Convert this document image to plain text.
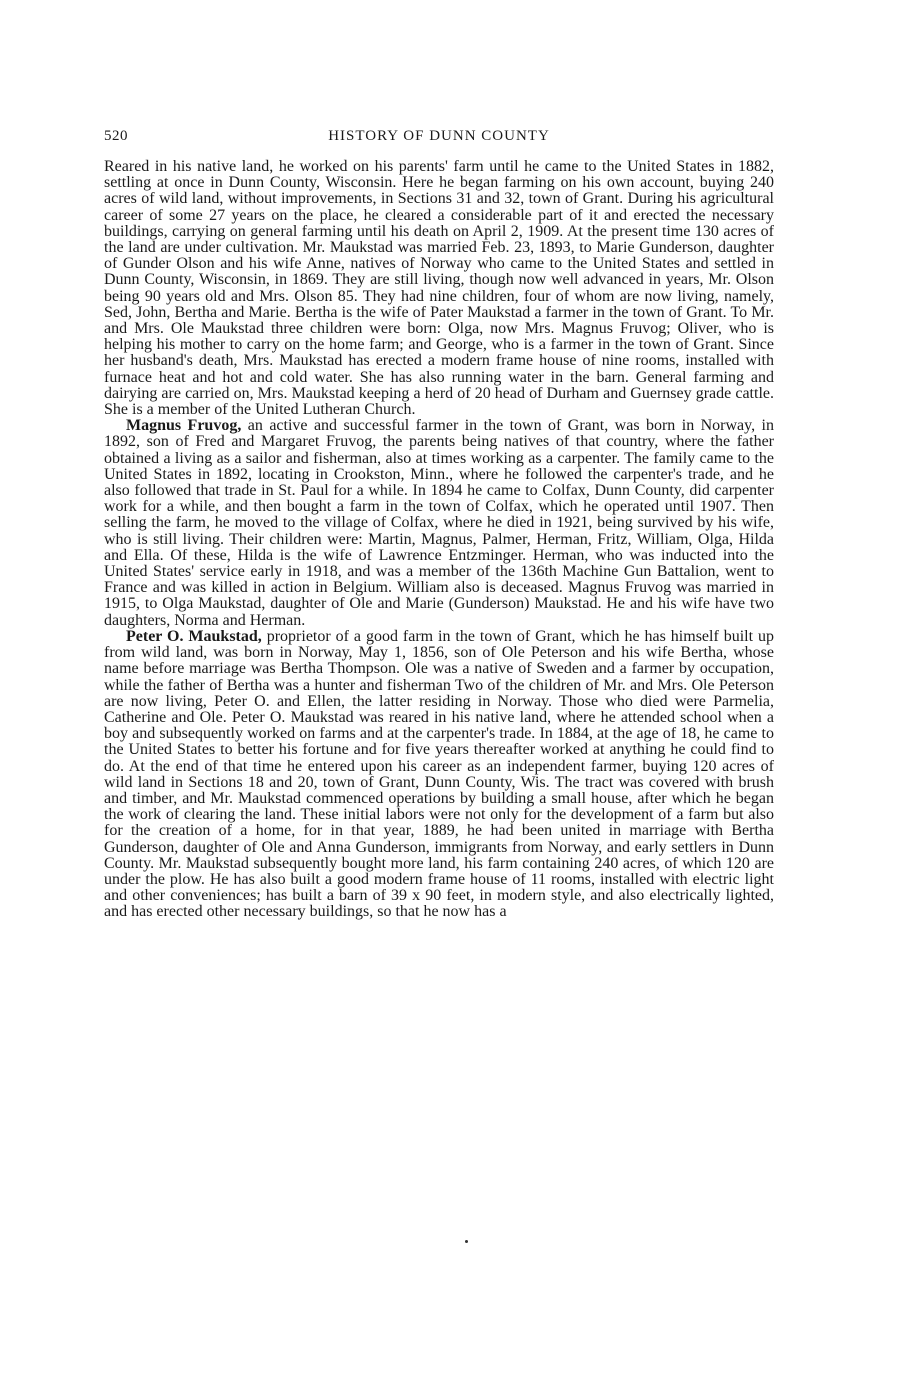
520	HISTORY OF DUNN COUNTY

Reared in his native land, he worked on his parents' farm until he came to the United States in 1882, settling at once in Dunn County, Wisconsin. Here he began farming on his own account, buying 240 acres of wild land, without improvements, in Sections 31 and 32, town of Grant. During his agricultural career of some 27 years on the place, he cleared a considerable part of it and erected the necessary buildings, carrying on general farming until his death on April 2, 1909. At the present time 130 acres of the land are under cultivation. Mr. Maukstad was married Feb. 23, 1893, to Marie Gunderson, daughter of Gunder Olson and his wife Anne, natives of Norway who came to the United States and settled in Dunn County, Wisconsin, in 1869. They are still living, though now well advanced in years, Mr. Olson being 90 years old and Mrs. Olson 85. They had nine children, four of whom are now living, namely, Sed, John, Bertha and Marie. Bertha is the wife of Pater Maukstad a farmer in the town of Grant. To Mr. and Mrs. Ole Maukstad three children were born: Olga, now Mrs. Magnus Fruvog; Oliver, who is helping his mother to carry on the home farm; and George, who is a farmer in the town of Grant. Since her husband's death, Mrs. Maukstad has erected a modern frame house of nine rooms, installed with furnace heat and hot and cold water. She has also running water in the barn. General farming and dairying are carried on, Mrs. Maukstad keeping a herd of 20 head of Durham and Guernsey grade cattle. She is a member of the United Lutheran Church.

Magnus Fruvog, an active and successful farmer in the town of Grant, was born in Norway, in 1892, son of Fred and Margaret Fruvog, the parents being natives of that country, where the father obtained a living as a sailor and fisherman, also at times working as a carpenter. The family came to the United States in 1892, locating in Crookston, Minn., where he followed the carpenter's trade, and he also followed that trade in St. Paul for a while. In 1894 he came to Colfax, Dunn County, did carpenter work for a while, and then bought a farm in the town of Colfax, which he operated until 1907. Then selling the farm, he moved to the village of Colfax, where he died in 1921, being survived by his wife, who is still living. Their children were: Martin, Magnus, Palmer, Herman, Fritz, William, Olga, Hilda and Ella. Of these, Hilda is the wife of Lawrence Entzminger. Herman, who was inducted into the United States' service early in 1918, and was a member of the 136th Machine Gun Battalion, went to France and was killed in action in Belgium. William also is deceased. Magnus Fruvog was married in 1915, to Olga Maukstad, daughter of Ole and Marie (Gunderson) Maukstad. He and his wife have two daughters, Norma and Herman.

Peter O. Maukstad, proprietor of a good farm in the town of Grant, which he has himself built up from wild land, was born in Norway, May 1, 1856, son of Ole Peterson and his wife Bertha, whose name before marriage was Bertha Thompson. Ole was a native of Sweden and a farmer by occupation, while the father of Bertha was a hunter and fisherman Two of the children of Mr. and Mrs. Ole Peterson are now living, Peter O. and Ellen, the latter residing in Norway. Those who died were Parmelia, Catherine and Ole. Peter O. Maukstad was reared in his native land, where he attended school when a boy and subsequently worked on farms and at the carpenter's trade. In 1884, at the age of 18, he came to the United States to better his fortune and for five years thereafter worked at anything he could find to do. At the end of that time he entered upon his career as an independent farmer, buying 120 acres of wild land in Sections 18 and 20, town of Grant, Dunn County, Wis. The tract was covered with brush and timber, and Mr. Maukstad commenced operations by building a small house, after which he began the work of clearing the land. These initial labors were not only for the development of a farm but also for the creation of a home, for in that year, 1889, he had been united in marriage with Bertha Gunderson, daughter of Ole and Anna Gunderson, immigrants from Norway, and early settlers in Dunn County. Mr. Maukstad subsequently bought more land, his farm containing 240 acres, of which 120 are under the plow. He has also built a good modern frame house of 11 rooms, installed with electric light and other conveniences; has built a barn of 39 x 90 feet, in modern style, and also electrically lighted, and has erected other necessary buildings, so that he now has a
